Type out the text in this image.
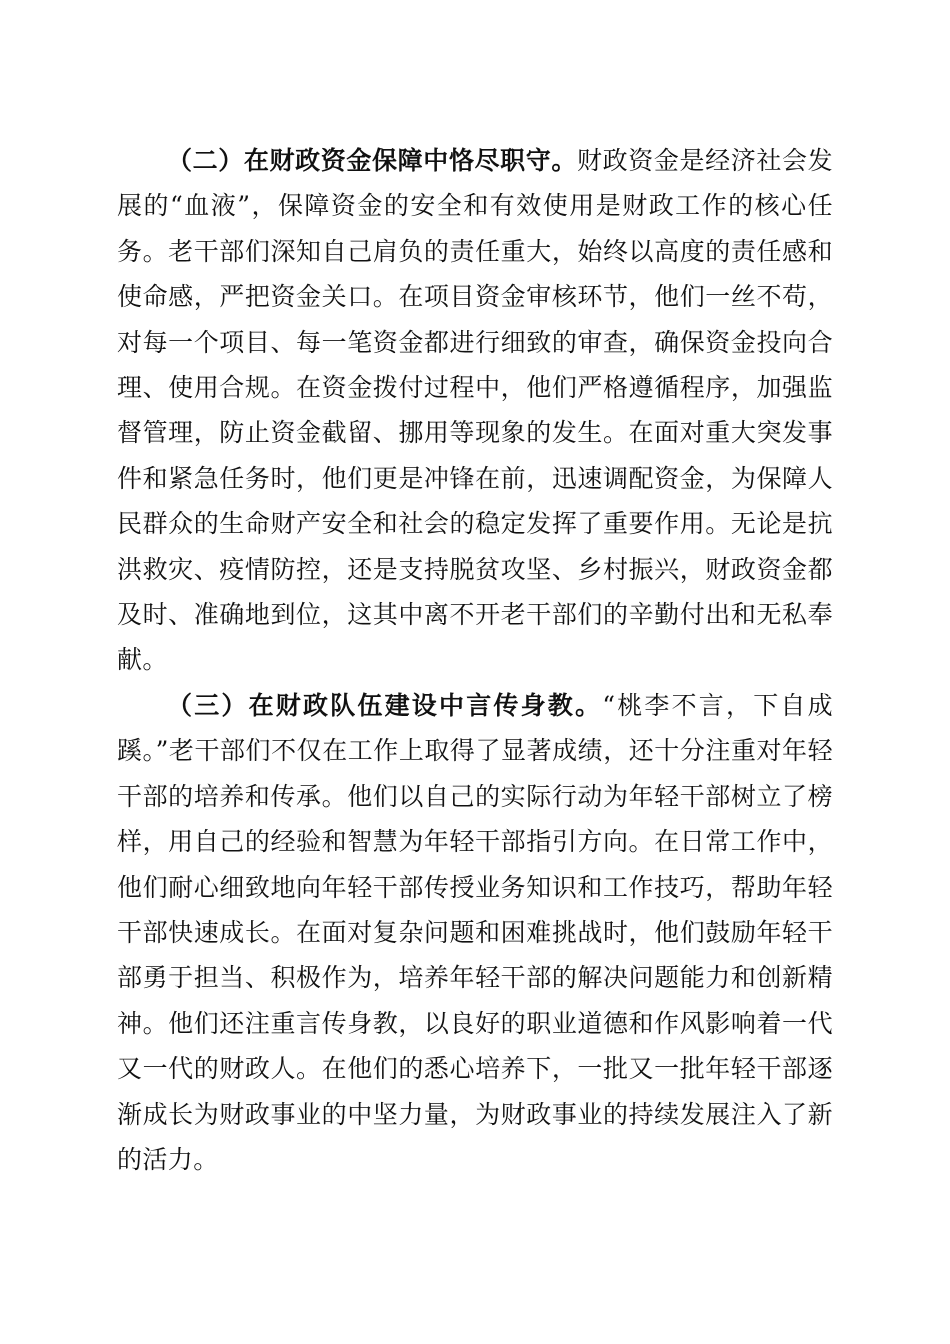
（二）在财政资金保障中恪尽职守。财政资金是经济社会发展的“血液”，保障资金的安全和有效使用是财政工作的核心任务。老干部们深知自己肩负的责任重大，始终以高度的责任感和使命感，严把资金关口。在项目资金审核环节，他们一丝不苟，对每一个项目、每一笔资金都进行细致的审查，确保资金投向合理、使用合规。在资金拨付过程中，他们严格遵循程序，加强监督管理，防止资金截留、挪用等现象的发生。在面对重大突发事件和紧急任务时，他们更是冲锋在前，迅速调配资金，为保障人民群众的生命财产安全和社会的稳定发挥了重要作用。无论是抗洪救灾、疫情防控，还是支持脱贫攻坚、乡村振兴，财政资金都及时、准确地到位，这其中离不开老干部们的辛勤付出和无私奉献。

（三）在财政队伍建设中言传身教。“桃李不言，下自成蹊。”老干部们不仅在工作上取得了显著成绩，还十分注重对年轻干部的培养和传承。他们以自己的实际行动为年轻干部树立了榜样，用自己的经验和智慧为年轻干部指引方向。在日常工作中，他们耐心细致地向年轻干部传授业务知识和工作技巧，帮助年轻干部快速成长。在面对复杂问题和困难挑战时，他们鼓励年轻干部勇于担当、积极作为，培养年轻干部的解决问题能力和创新精神。他们还注重言传身教，以良好的职业道德和作风影响着一代又一代的财政人。在他们的悉心培养下，一批又一批年轻干部逐渐成长为财政事业的中坚力量，为财政事业的持续发展注入了新的活力。
